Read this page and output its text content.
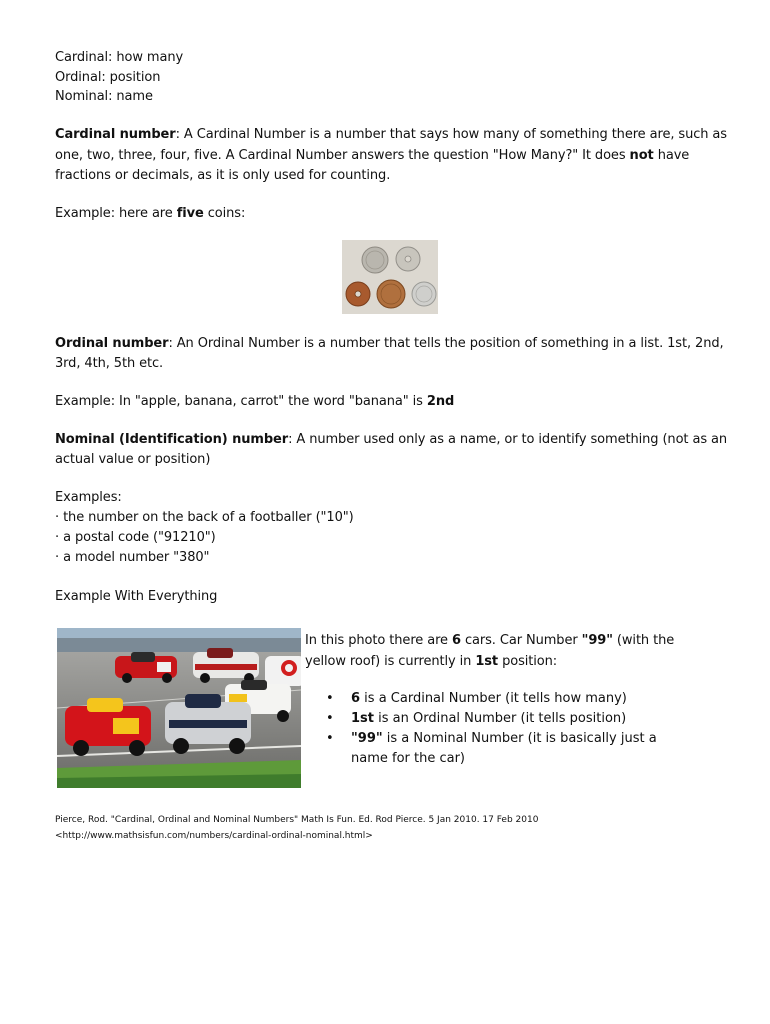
Cardinal: how many
Ordinal: position
Nominal: name
Cardinal number: A Cardinal Number is a number that says how many of something there are, such as
one, two, three, four, five. A Cardinal Number answers the question "How Many?" It does not have
fractions or decimals, as it is only used for counting.
Example: here are five coins:
Ordinal number: An Ordinal Number is a number that tells the position of something in a list. 1st, 2nd,
3rd, 4th, 5th etc.
Example: In "apple, banana, carrot" the word "banana" is 2nd
Nominal (Identification) number: A number used only as a name, or to identify something (not as an
actual value or position)
Examples:
· the number on the back of a footballer ("10")
· a postal code ("91210")
· a model number "380"
Example With Everything
In this photo there are 6 cars. Car Number "99" (with the
yellow roof) is currently in 1st position:
• 6 is a Cardinal Number (it tells how many)
• 1st is an Ordinal Number (it tells position)
• "99" is a Nominal Number (it is basically just a
name for the car)
Pierce, Rod. "Cardinal, Ordinal and Nominal Numbers" Math Is Fun. Ed. Rod Pierce. 5 Jan 2010. 17 Feb 2010
<http://www.mathsisfun.com/numbers/cardinal-ordinal-nominal.html>
